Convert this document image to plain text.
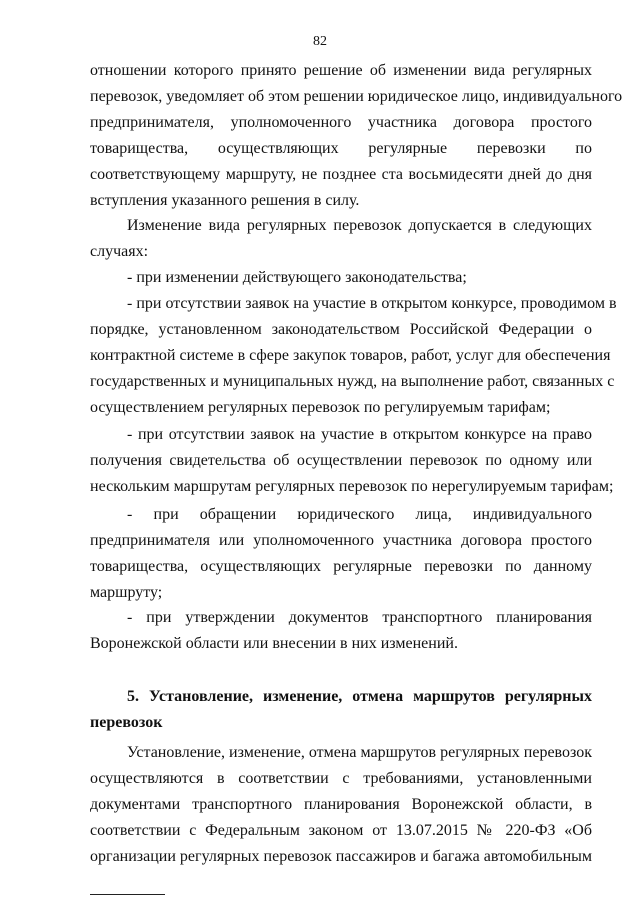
82
отношении которого принято решение об изменении вида регулярных
перевозок, уведомляет об этом решении юридическое лицо, индивидуального
предпринимателя, уполномоченного участника договора простого
товарищества, осуществляющих регулярные перевозки по
соответствующему маршруту, не позднее ста восьмидесяти дней до дня
вступления указанного решения в силу.
Изменение вида регулярных перевозок допускается в следующих
случаях:
- при изменении действующего законодательства;
- при отсутствии заявок на участие в открытом конкурсе, проводимом в
порядке, установленном законодательством Российской Федерации о
контрактной системе в сфере закупок товаров, работ, услуг для обеспечения
государственных и муниципальных нужд, на выполнение работ, связанных с
осуществлением регулярных перевозок по регулируемым тарифам;
- при отсутствии заявок на участие в открытом конкурсе на право
получения свидетельства об осуществлении перевозок по одному или
нескольким маршрутам регулярных перевозок по нерегулируемым тарифам;
- при обращении юридического лица, индивидуального
предпринимателя или уполномоченного участника договора простого
товарищества, осуществляющих регулярные перевозки по данному
маршруту;
- при утверждении документов транспортного планирования
Воронежской области или внесении в них изменений.
5. Установление, изменение, отмена маршрутов регулярных
перевозок
Установление, изменение, отмена маршрутов регулярных перевозок
осуществляются в соответствии с требованиями, установленными
документами транспортного планирования Воронежской области, в
соответствии с Федеральным законом от 13.07.2015 № 220-ФЗ «Об
организации регулярных перевозок пассажиров и багажа автомобильным
